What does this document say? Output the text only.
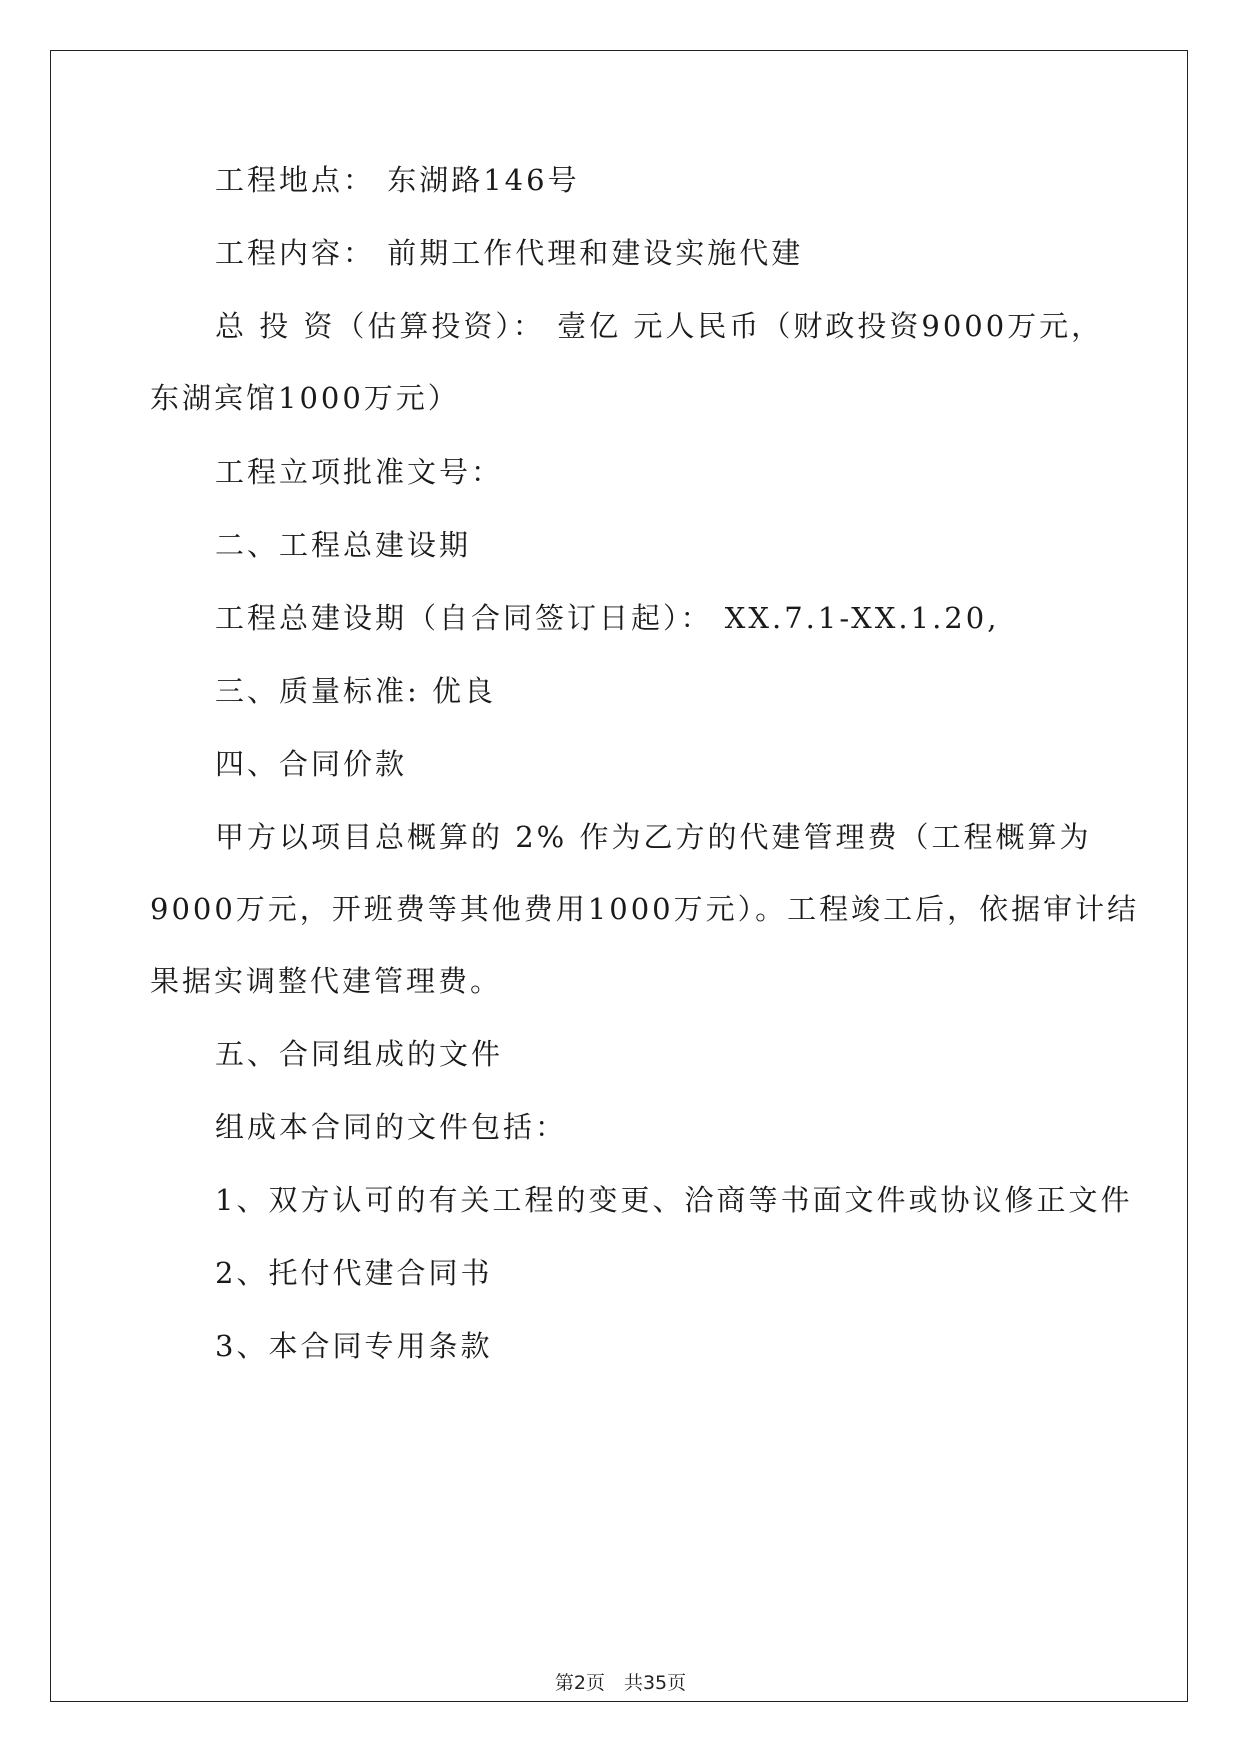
工程地点： 东湖路146号

工程内容： 前期工作代理和建设实施代建

总 投 资（估算投资）： 壹亿 元人民币（财政投资9000万元，

东湖宾馆1000万元）

工程立项批准文号：

二、工程总建设期

工程总建设期（自合同签订日起）： XX.7.1-XX.1.20,

三、质量标准: 优良

四、合同价款

甲方以项目总概算的 2% 作为乙方的代建管理费（工程概算为

9000万元，开班费等其他费用1000万元）。工程竣工后，依据审计结

果据实调整代建管理费。

五、合同组成的文件

组成本合同的文件包括：

1、双方认可的有关工程的变更、洽商等书面文件或协议修正文件

2、托付代建合同书

3、本合同专用条款

第2页　共35页
